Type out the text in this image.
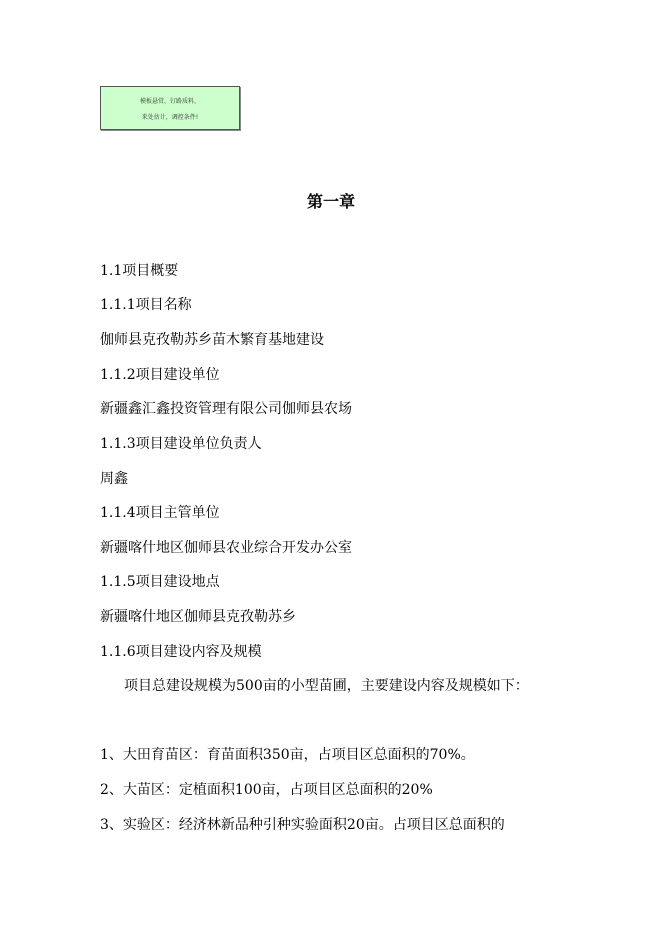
模板悬赏，钉路质料，
来处估计，调控条件!
第一章
1.1项目概要
1.1.1项目名称
伽师县克孜勒苏乡苗木繁育基地建设
1.1.2项目建设单位
新疆鑫汇鑫投资管理有限公司伽师县农场
1.1.3项目建设单位负责人
周鑫
1.1.4项目主管单位
新疆喀什地区伽师县农业综合开发办公室
1.1.5项目建设地点
新疆喀什地区伽师县克孜勒苏乡
1.1.6项目建设内容及规模
项目总建设规模为500亩的小型苗圃，主要建设内容及规模如下：
1、大田育苗区：育苗面积350亩，占项目区总面积的70%。
2、大苗区：定植面积100亩，占项目区总面积的20%
3、实验区：经济林新品种引种实验面积20亩。占项目区总面积的
